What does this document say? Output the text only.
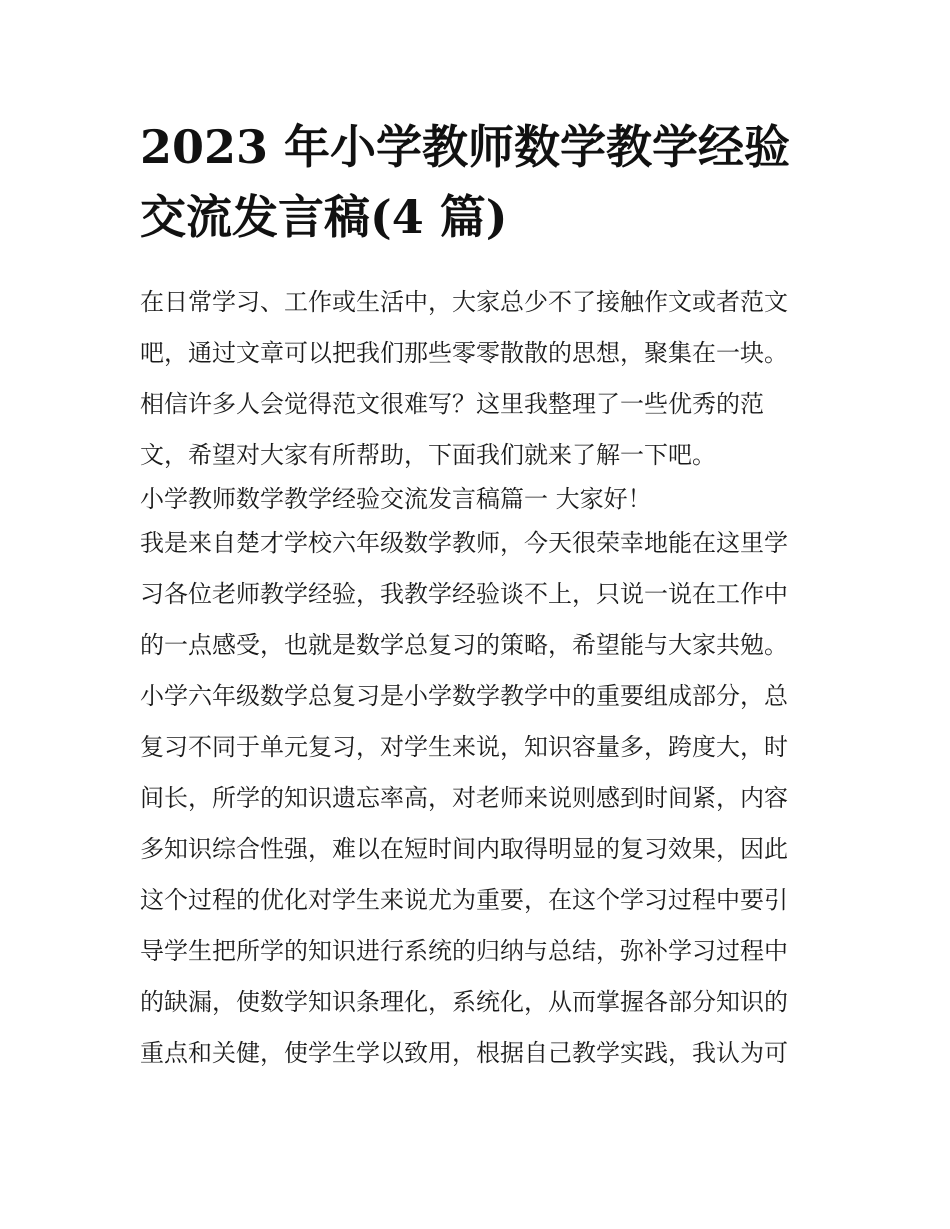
2023 年小学教师数学教学经验
交流发言稿(4 篇)
在日常学习、工作或生活中，大家总少不了接触作文或者范文
吧，通过文章可以把我们那些零零散散的思想，聚集在一块。
相信许多人会觉得范文很难写？这里我整理了一些优秀的范
文，希望对大家有所帮助，下面我们就来了解一下吧。
小学教师数学教学经验交流发言稿篇一 大家好！
我是来自楚才学校六年级数学教师，今天很荣幸地能在这里学
习各位老师教学经验，我教学经验谈不上，只说一说在工作中
的一点感受，也就是数学总复习的策略，希望能与大家共勉。
小学六年级数学总复习是小学数学教学中的重要组成部分，总
复习不同于单元复习，对学生来说，知识容量多，跨度大，时
间长，所学的知识遗忘率高，对老师来说则感到时间紧，内容
多知识综合性强，难以在短时间内取得明显的复习效果，因此
这个过程的优化对学生来说尤为重要，在这个学习过程中要引
导学生把所学的知识进行系统的归纳与总结，弥补学习过程中
的缺漏，使数学知识条理化，系统化，从而掌握各部分知识的
重点和关健，使学生学以致用，根据自己教学实践，我认为可
